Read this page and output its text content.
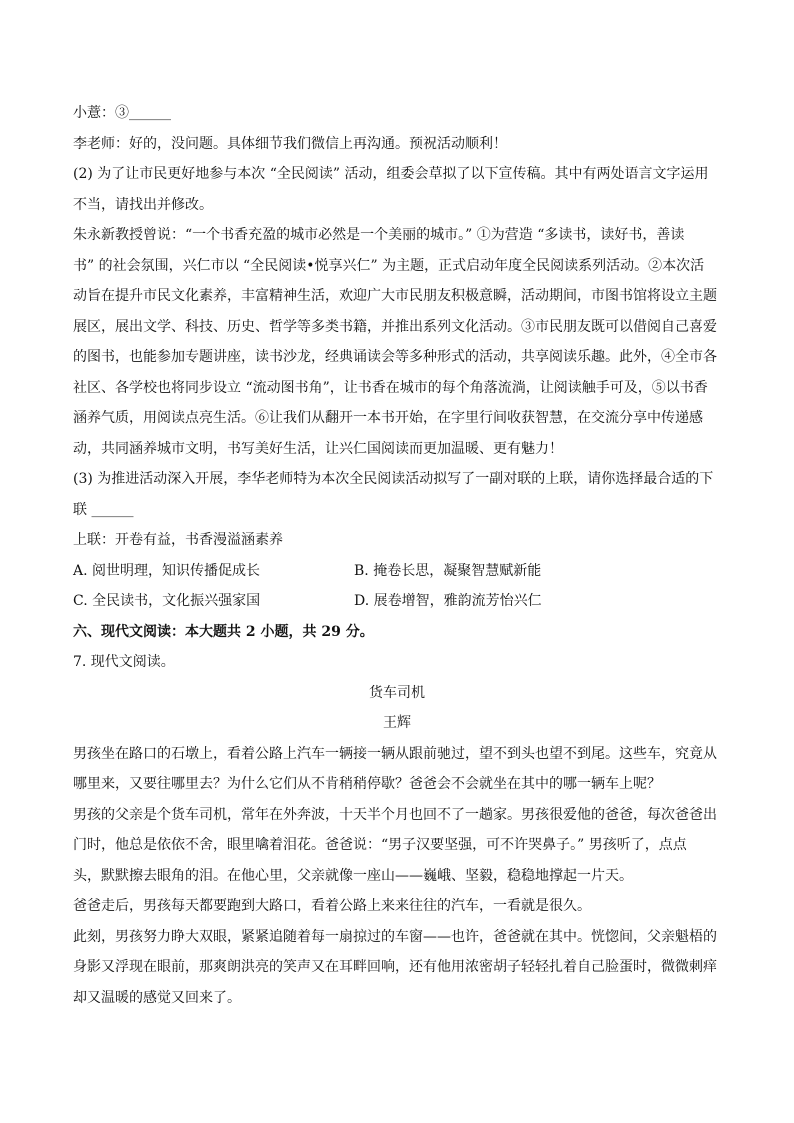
小薏：③______
李老师：好的，没问题。具体细节我们微信上再沟通。预祝活动顺利！
(2) 为了让市民更好地参与本次 “全民阅读” 活动，组委会草拟了以下宣传稿。其中有两处语言文字运用
不当，请找出并修改。
朱永新教授曾说：“一个书香充盈的城市必然是一个美丽的城市。” ①为营造 “多读书，读好书，善读
书” 的社会氛围，兴仁市以 “全民阅读•悦享兴仁” 为主题，正式启动年度全民阅读系列活动。②本次活
动旨在提升市民文化素养，丰富精神生活，欢迎广大市民朋友积极意瞬，活动期间，市图书馆将设立主题
展区，展出文学、科技、历史、哲学等多类书籍，并推出系列文化活动。③市民朋友既可以借阅自己喜爱
的图书，也能参加专题讲座，读书沙龙，经典诵读会等多种形式的活动，共享阅读乐趣。此外，④全市各
社区、各学校也将同步设立 “流动图书角”，让书香在城市的每个角落流淌，让阅读触手可及，⑤以书香
涵养气质，用阅读点亮生活。⑥让我们从翻开一本书开始，在字里行间收获智慧，在交流分享中传递感
动，共同涵养城市文明，书写美好生活，让兴仁国阅读而更加温暖、更有魅力！
(3) 为推进活动深入开展，李华老师特为本次全民阅读活动拟写了一副对联的上联，请你选择最合适的下
联 ______
上联：开卷有益，书香漫溢涵素养
A. 阅世明理，知识传播促成长	B. 掩卷长思，凝聚智慧赋新能
C. 全民读书，文化振兴强家国	D. 展卷增智，雅韵流芳怡兴仁
六、现代文阅读：本大题共 2 小题，共 29 分。
7. 现代文阅读。
货车司机
王辉
男孩坐在路口的石墩上，看着公路上汽车一辆接一辆从跟前驰过，望不到头也望不到尾。这些车，究竟从
哪里来，又要往哪里去？为什么它们从不肯稍稍停歇？爸爸会不会就坐在其中的哪一辆车上呢？
男孩的父亲是个货车司机，常年在外奔波，十天半个月也回不了一趟家。男孩很爱他的爸爸，每次爸爸出
门时，他总是依依不舍，眼里噙着泪花。爸爸说：“男子汉要坚强，可不许哭鼻子。” 男孩听了，点点
头，默默擦去眼角的泪。在他心里，父亲就像一座山——巍峨、坚毅，稳稳地撑起一片天。
爸爸走后，男孩每天都要跑到大路口，看着公路上来来往往的汽车，一看就是很久。
此刻，男孩努力睁大双眼，紧紧追随着每一扇掠过的车窗——也许，爸爸就在其中。恍惚间，父亲魁梧的
身影又浮现在眼前，那爽朗洪亮的笑声又在耳畔回响，还有他用浓密胡子轻轻扎着自己脸蛋时，微微刺痒
却又温暖的感觉又回来了。
